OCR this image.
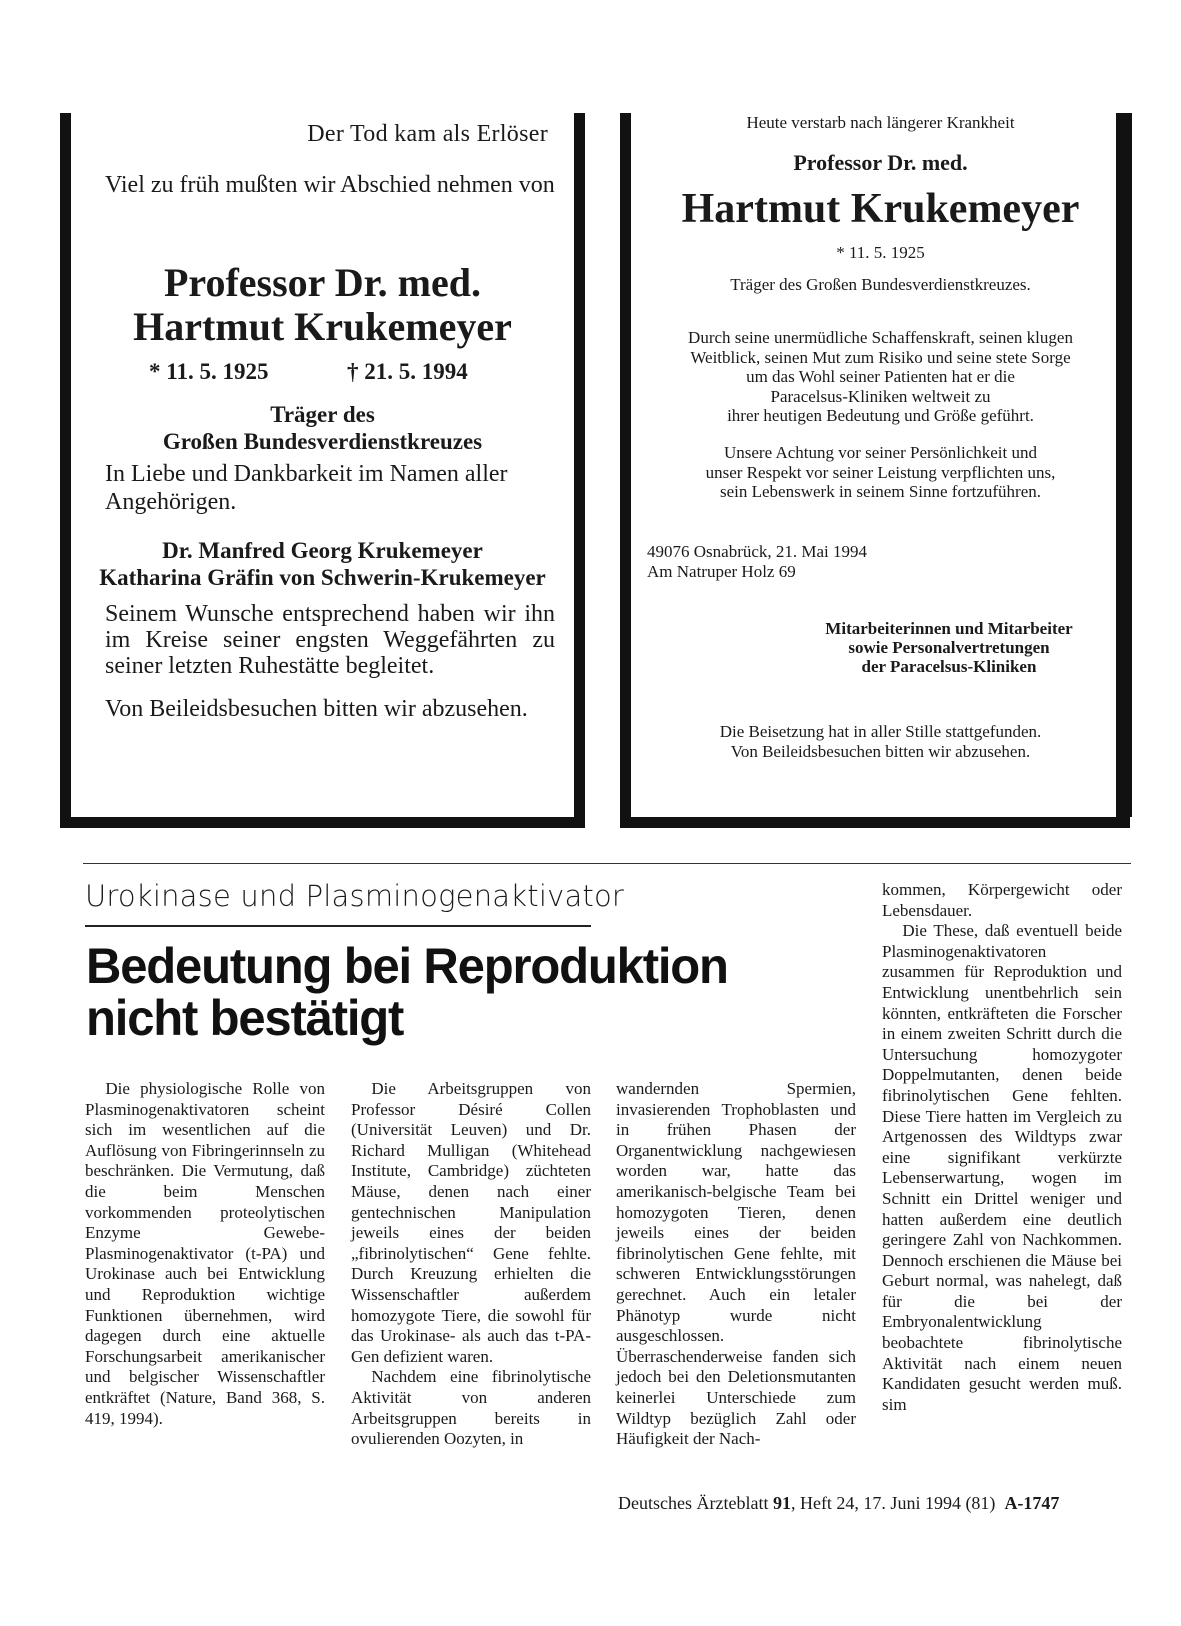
Der Tod kam als Erlöser
Viel zu früh mußten wir Abschied nehmen von
Professor Dr. med.
Hartmut Krukemeyer
* 11. 5. 1925	† 21. 5. 1994
Träger des
Großen Bundesverdienstkreuzes
In Liebe und Dankbarkeit im Namen aller Angehörigen.
Dr. Manfred Georg Krukemeyer
Katharina Gräfin von Schwerin-Krukemeyer
Seinem Wunsche entsprechend haben wir ihn im Kreise seiner engsten Weggefährten zu seiner letzten Ruhestätte begleitet.
Von Beileidsbesuchen bitten wir abzusehen.
Heute verstarb nach längerer Krankheit
Professor Dr. med.
Hartmut Krukemeyer
* 11. 5. 1925
Träger des Großen Bundesverdienstkreuzes.
Durch seine unermüdliche Schaffenskraft, seinen klugen
Weitblick, seinen Mut zum Risiko und seine stete Sorge
um das Wohl seiner Patienten hat er die
Paracelsus-Kliniken weltweit zu
ihrer heutigen Bedeutung und Größe geführt.
Unsere Achtung vor seiner Persönlichkeit und
unser Respekt vor seiner Leistung verpflichten uns,
sein Lebenswerk in seinem Sinne fortzuführen.
49076 Osnabrück, 21. Mai 1994
Am Natruper Holz 69
Mitarbeiterinnen und Mitarbeiter
sowie Personalvertretungen
der Paracelsus-Kliniken
Die Beisetzung hat in aller Stille stattgefunden.
Von Beileidsbesuchen bitten wir abzusehen.
Urokinase und Plasminogenaktivator
Bedeutung bei Reproduktion
nicht bestätigt

Die physiologische Rolle von Plasminogenaktivatoren scheint sich im wesentlichen auf die Auflösung von Fibringerinnseln zu beschränken. Die Vermutung, daß die beim Menschen vorkommenden proteolytischen Enzyme Gewebe-Plasminogenaktivator (t-PA) und Urokinase auch bei Entwicklung und Reproduktion wichtige Funktionen übernehmen, wird dagegen durch eine aktuelle Forschungsarbeit amerikanischer und belgischer Wissenschaftler entkräftet (Nature, Band 368, S. 419, 1994).

Die Arbeitsgruppen von Professor Désiré Collen (Universität Leuven) und Dr. Richard Mulligan (Whitehead Institute, Cambridge) züchteten Mäuse, denen nach einer gentechnischen Manipulation jeweils eines der beiden „fibrinolytischen“ Gene fehlte. Durch Kreuzung erhielten die Wissenschaftler außerdem homozygote Tiere, die sowohl für das Urokinase- als auch das t-PA-Gen defizient waren.

Nachdem eine fibrinolytische Aktivität von anderen Arbeitsgruppen bereits in ovulierenden Oozyten, in

wandernden Spermien, invasierenden Trophoblasten und in frühen Phasen der Organentwicklung nachgewiesen worden war, hatte das amerikanisch-belgische Team bei homozygoten Tieren, denen jeweils eines der beiden fibrinolytischen Gene fehlte, mit schweren Entwicklungsstörungen gerechnet. Auch ein letaler Phänotyp wurde nicht ausgeschlossen. Überraschenderweise fanden sich jedoch bei den Deletionsmutanten keinerlei Unterschiede zum Wildtyp bezüglich Zahl oder Häufigkeit der Nach-

kommen, Körpergewicht oder Lebensdauer.

Die These, daß eventuell beide Plasminogenaktivatoren zusammen für Reproduktion und Entwicklung unentbehrlich sein könnten, entkräfteten die Forscher in einem zweiten Schritt durch die Untersuchung homozygoter Doppelmutanten, denen beide fibrinolytischen Gene fehlten. Diese Tiere hatten im Vergleich zu Artgenossen des Wildtyps zwar eine signifikant verkürzte Lebenserwartung, wogen im Schnitt ein Drittel weniger und hatten außerdem eine deutlich geringere Zahl von Nachkommen. Dennoch erschienen die Mäuse bei Geburt normal, was nahelegt, daß für die bei der Embryonalentwicklung beobachtete fibrinolytische Aktivität nach einem neuen Kandidaten gesucht werden muß. sim

Deutsches Ärzteblatt 91, Heft 24, 17. Juni 1994 (81) A-1747
